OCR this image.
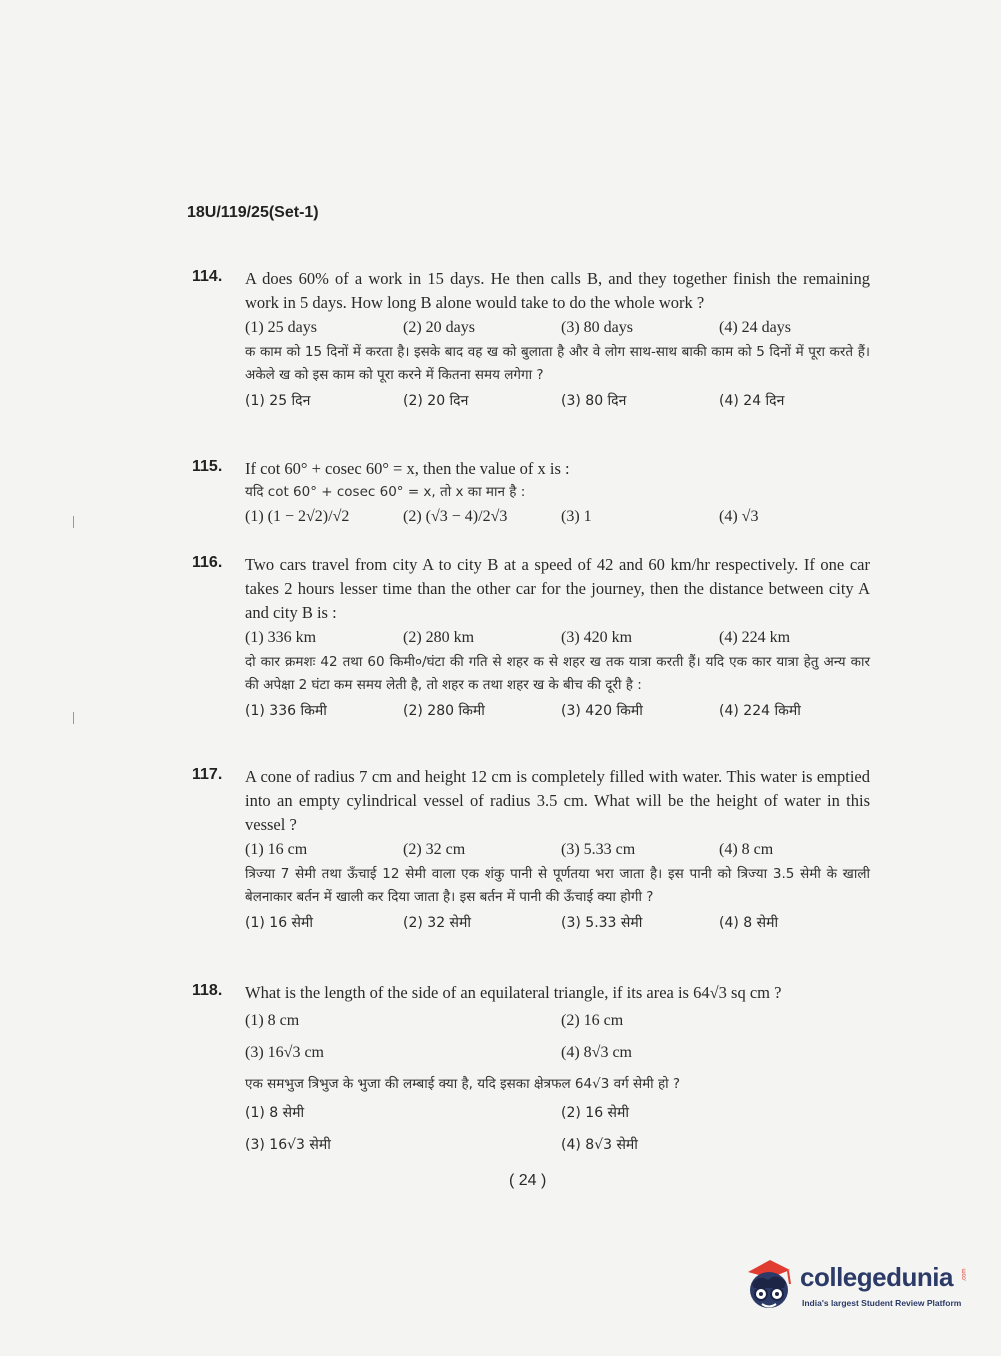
18U/119/25(Set-1)
114. A does 60% of a work in 15 days. He then calls B, and they together finish the remaining work in 5 days. How long B alone would take to do the whole work ?

(1) 25 days	(2) 20 days	(3) 80 days	(4) 24 days

क काम को 15 दिनों में करता है। इसके बाद वह ख को बुलाता है और वे लोग साथ-साथ बाकी काम को 5 दिनों में पूरा करते हैं। अकेले ख को इस काम को पूरा करने में कितना समय लगेगा ?

(1) 25 दिन	(2) 20 दिन	(3) 80 दिन	(4) 24 दिन
115. If cot 60° + cosec 60° = x, then the value of x is :

यदि cot 60° + cosec 60° = x, तो x का मान है :

(1) (1 − 2√2)/√2	(2) (√3 − 4)/2√3	(3) 1	(4) √3
116. Two cars travel from city A to city B at a speed of 42 and 60 km/hr respectively. If one car takes 2 hours lesser time than the other car for the journey, then the distance between city A and city B is :

(1) 336 km	(2) 280 km	(3) 420 km	(4) 224 km

दो कार क्रमशः 42 तथा 60 किमी०/घंटा की गति से शहर क से शहर ख तक यात्रा करती हैं। यदि एक कार यात्रा हेतु अन्य कार की अपेक्षा 2 घंटा कम समय लेती है, तो शहर क तथा शहर ख के बीच की दूरी है :

(1) 336 किमी	(2) 280 किमी	(3) 420 किमी	(4) 224 किमी
117. A cone of radius 7 cm and height 12 cm is completely filled with water. This water is emptied into an empty cylindrical vessel of radius 3.5 cm. What will be the height of water in this vessel ?

(1) 16 cm	(2) 32 cm	(3) 5.33 cm	(4) 8 cm

त्रिज्या 7 सेमी तथा ऊँचाई 12 सेमी वाला एक शंकु पानी से पूर्णतया भरा जाता है। इस पानी को त्रिज्या 3.5 सेमी के खाली बेलनाकार बर्तन में खाली कर दिया जाता है। इस बर्तन में पानी की ऊँचाई क्या होगी ?

(1) 16 सेमी	(2) 32 सेमी	(3) 5.33 सेमी	(4) 8 सेमी
118. What is the length of the side of an equilateral triangle, if its area is 64√3 sq cm ?

(1) 8 cm	(2) 16 cm
(3) 16√3 cm	(4) 8√3 cm

एक समभुज त्रिभुज के भुजा की लम्बाई क्या है, यदि इसका क्षेत्रफल 64√3 वर्ग सेमी हो ?

(1) 8 सेमी	(2) 16 सेमी
(3) 16√3 सेमी	(4) 8√3 सेमी
( 24 )
collegedunia .com
India's largest Student Review Platform
